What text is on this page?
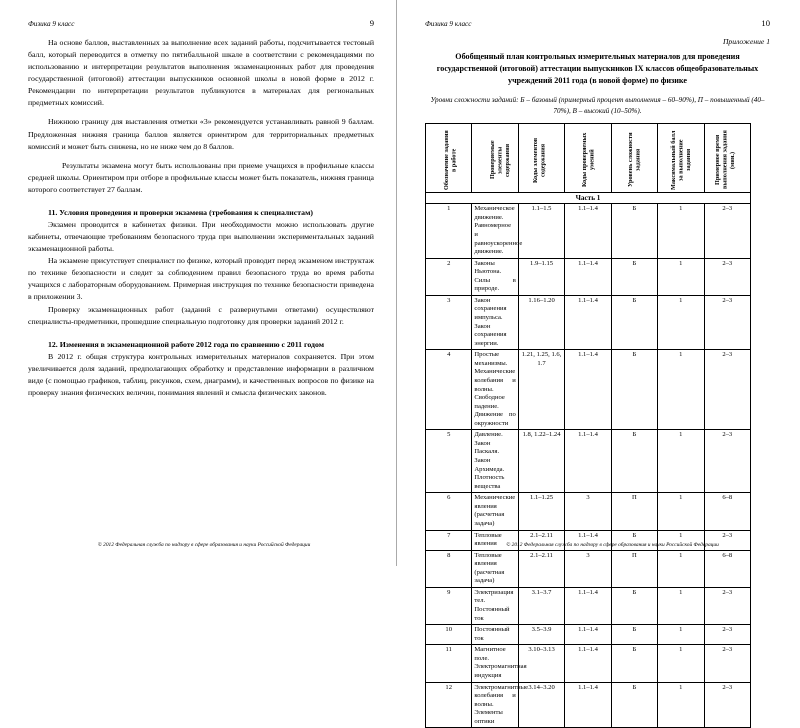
Физика 9 класс	9

На основе баллов, выставленных за выполнение всех заданий работы, подсчитывается тестовый балл, который переводится в отметку по пятибалльной шкале в соответствии с рекомендациями по использованию и интерпретации результатов выполнения экзаменационных работ для проведения государственной (итоговой) аттестации выпускников основной школы в новой форме в 2012 г. Рекомендации по интерпретации результатов публикуются в материалах для региональных предметных комиссий.

Нижнюю границу для выставления отметки «3» рекомендуется устанавливать равной 9 баллам. Предложенная нижняя граница баллов является ориентиром для территориальных предметных комиссий и может быть снижена, но не ниже чем до 8 баллов.

Результаты экзамена могут быть использованы при приеме учащихся в профильные классы средней школы. Ориентиром при отборе в профильные классы может быть показатель, нижняя граница которого соответствует 27 баллам.

11. Условия проведения и проверки экзамена (требования к специалистам)

Экзамен проводится в кабинетах физики. При необходимости можно использовать другие кабинеты, отвечающие требованиям безопасного труда при выполнении экспериментальных заданий экзаменационной работы.

На экзамене присутствует специалист по физике, который проводит перед экзаменом инструктаж по технике безопасности и следит за соблюдением правил безопасного труда во время работы учащихся с лабораторным оборудованием. Примерная инструкция по технике безопасности приведена в приложении 3.

Проверку экзаменационных работ (заданий с развернутыми ответами) осуществляют специалисты-предметники, прошедшие специальную подготовку для проверки заданий 2012 г.

12. Изменения в экзаменационной работе 2012 года по сравнению с 2011 годом

В 2012 г. общая структура контрольных измерительных материалов сохраняется. При этом увеличивается доля заданий, предполагающих обработку и представление информации в различном виде (с помощью графиков, таблиц, рисунков, схем, диаграмм), и качественных вопросов по физике на проверку знания физических величин, понимания явлений и смысла физических законов.

© 2012 Федеральная служба по надзору в сфере образования и науки Российской Федерации
Физика 9 класс	10
Приложение 1
Обобщенный план контрольных измерительных материалов для проведения государственной (итоговой) аттестации выпускников IX классов общеобразовательных учреждений 2011 года (в новой форме) по физике
Уровни сложности заданий: Б – базовый (примерный процент выполнения – 60–90%), П – повышенный (40–70%), В – высокий (10–50%).
Обозначение задания в работе	Проверяемые элементы содержания	Коды элементов содержания	Коды проверяемых умений	Уровень сложности задания	Максимальный балл за выполнение задания	Примерное время выполнения задания (мин.)

Часть 1						
1	Механическое движение. Равномерное и равноускоренное движение.	1.1–1.5	1.1–1.4	Б	1	2–3
2	Законы Ньютона. Силы в природе.	1.9–1.15	1.1–1.4	Б	1	2–3
3	Закон сохранения импульса. Закон сохранения энергии.	1.16–1.20	1.1–1.4	Б	1	2–3
4	Простые механизмы. Механические колебания и волны. Свободное падение. Движение по окружности	1.21, 1.25, 1.6, 1.7	1.1–1.4	Б	1	2–3
5	Давление. Закон Паскаля. Закон Архимеда. Плотность вещества	1.8, 1.22–1.24	1.1–1.4	Б	1	2–3
6	Механические явления (расчетная задача)	1.1–1.25	3	П	1	6–8
7	Тепловые явления	2.1–2.11	1.1–1.4	Б	1	2–3
8	Тепловые явления (расчетная задача)	2.1–2.11	3	П	1	6–8
9	Электризация тел. Постоянный ток	3.1–3.7	1.1–1.4	Б	1	2–3
10	Постоянный ток	3.5–3.9	1.1–1.4	Б	1	2–3
11	Магнитное поле. Электромагнитная индукция	3.10–3.13	1.1–1.4	Б	1	2–3
12	Электромагнитные колебания и волны. Элементы оптики	3.14–3.20	1.1–1.4	Б	1	2–3
© 2012 Федеральная служба по надзору в сфере образования и науки Российской Федерации
